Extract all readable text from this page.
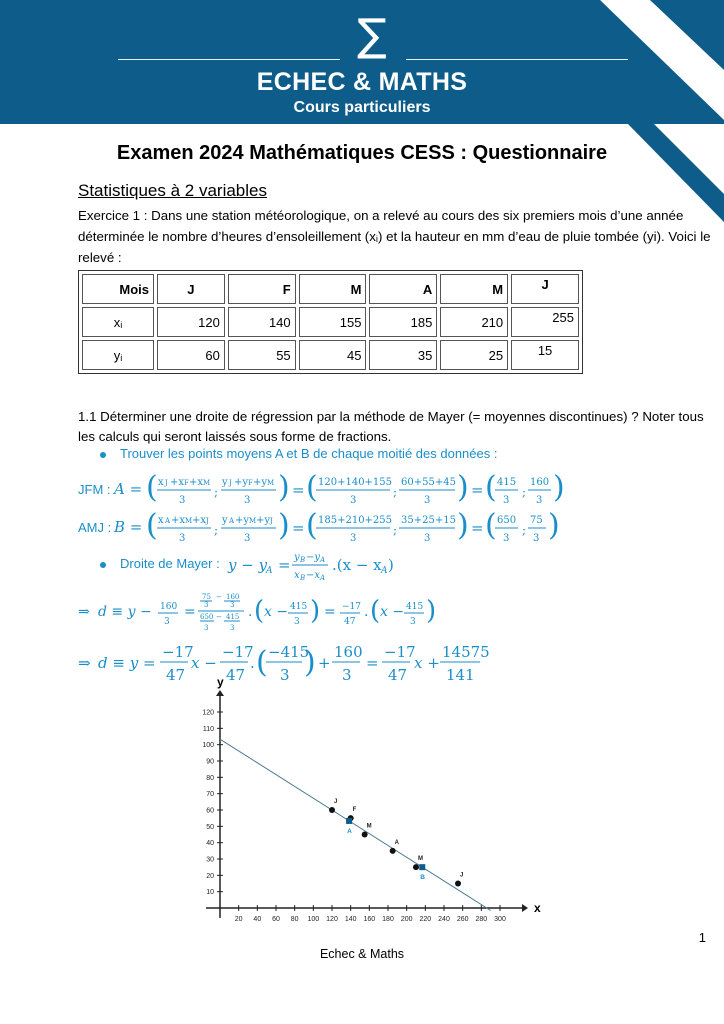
∑
ECHEC & MATHS
Cours particuliers
Examen 2024 Mathématiques CESS : Questionnaire
Statistiques à 2 variables
Exercice 1 : Dans une station météorologique, on a relevé au cours des six premiers mois d’une année déterminée le nombre d’heures d’ensoleillement (xᵢ) et la hauteur en mm d’eau de pluie tombée (yi). Voici le relevé :
Mois	J	F	M	A	M	J
xᵢ	120	140	155	185	210	255
yᵢ	60	55	45	35	25	15
1.1 Déterminer une droite de régression par la méthode de Mayer (= moyennes discontinues) ? Noter tous les calculs qui seront laissés sous forme de fractions.
Trouver les points moyens A et B de chaque moitié des données :
JFM : A = ( x J +x F +x M
3
;
y J +y F +y M
3 ) = ( 120+140+155
3
;
60+55+45
3 ) = ( 415
3
;
160
3 )
AMJ : B = ( x A +x M +x J
3
;
y A +y M +y J
3 ) = ( 185+210+255
3
;
35+25+15
3 ) = ( 650
3
;
75
3 )
Droite de Mayer : y − y
A = y B −y A
x B −x A
.(x − x A )
⇒ d ≡ y − 160
3
=
75 − 160
3	3
650 − 415
3	3
. ( x − 415
3 ) = −17
47
. ( x − 415
3 )
⇒ d ≡ y =
−17
47
x −
−17
47
. ( −415
3 ) +
160
3
=
−17
47
x +
14575
141
20 40 60 80 100 120 140 160 180 200 220 240 260 280 300
10
20
30
40
50
60
70
80
90
100
110
120
x
y
J
F
M
A
M
J
A
B
1
Echec & Maths
